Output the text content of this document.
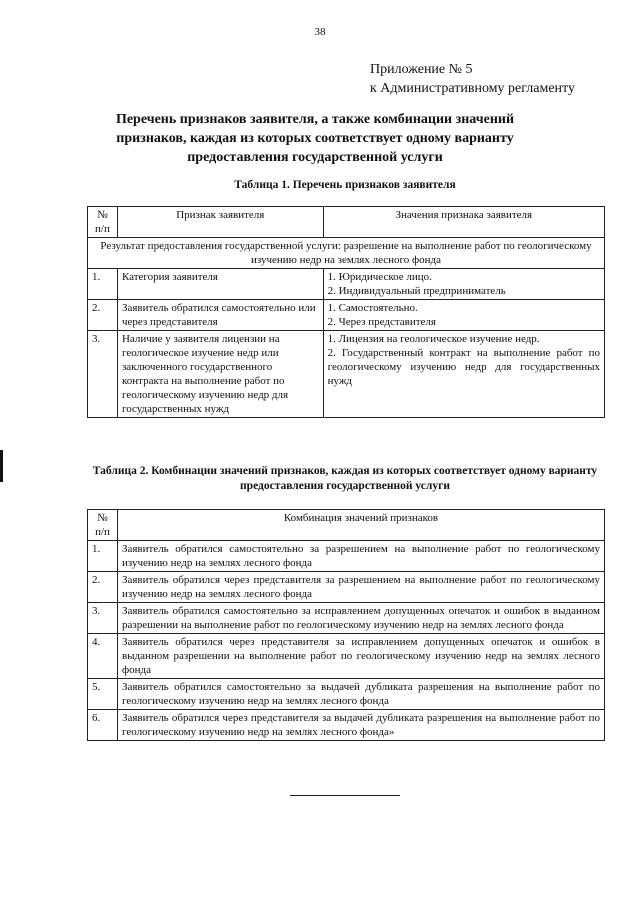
38
Приложение № 5
к Административному регламенту
Перечень признаков заявителя, а также комбинации значений признаков, каждая из которых соответствует одному варианту предоставления государственной услуги
Таблица 1. Перечень признаков заявителя
№ п/п	Признак заявителя	Значения признака заявителя
Результат предоставления государственной услуги: разрешение на выполнение работ по геологическому изучению недр на землях лесного фонда		
1.	Категория заявителя	1. Юридическое лицо.
2. Индивидуальный предприниматель

2.	Заявитель обратился самостоятельно или через представителя	1. Самостоятельно.
2. Через представителя

3.	Наличие у заявителя лицензии на геологическое изучение недр или заключенного государственного контракта на выполнение работ по геологическому изучению недр для государственных нужд	1. Лицензия на геологическое изучение недр.
2. Государственный контракт на выполнение работ по геологическому изучению недр для государственных нужд
Таблица 2. Комбинации значений признаков, каждая из которых соответствует одному варианту предоставления государственной услуги
№ п/п	Комбинация значений признаков
1.	Заявитель обратился самостоятельно за разрешением на выполнение работ по геологическому изучению недр на землях лесного фонда
2.	Заявитель обратился через представителя за разрешением на выполнение работ по геологическому изучению недр на землях лесного фонда
3.	Заявитель обратился самостоятельно за исправлением допущенных опечаток и ошибок в выданном разрешении на выполнение работ по геологическому изучению недр на землях лесного фонда
4.	Заявитель обратился через представителя за исправлением допущенных опечаток и ошибок в выданном разрешении на выполнение работ по геологическому изучению недр на землях лесного фонда
5.	Заявитель обратился самостоятельно за выдачей дубликата разрешения на выполнение работ по геологическому изучению недр на землях лесного фонда
6.	Заявитель обратился через представителя за выдачей дубликата разрешения на выполнение работ по геологическому изучению недр на землях лесного фонда»
